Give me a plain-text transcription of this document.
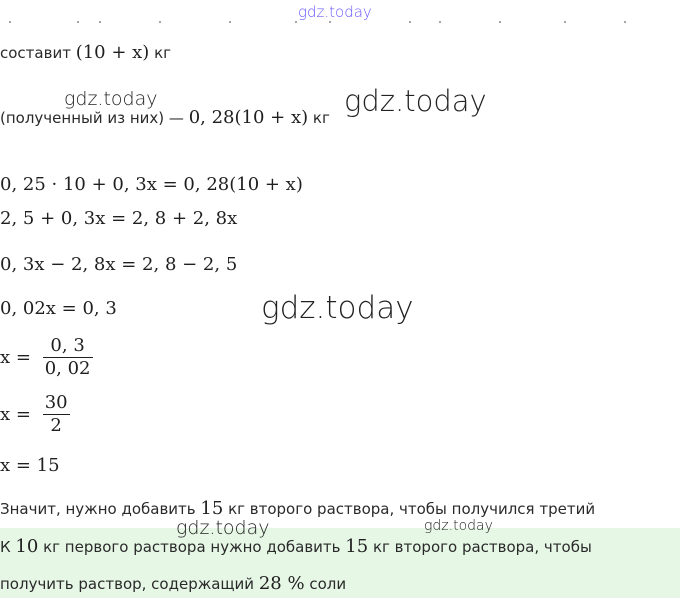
gdz.today
составит (10 + x) кг
gdz.today
(полученный из них) — 0, 28(10 + x) кг gdz.today
0, 25 · 10 + 0, 3x = 0, 28(10 + x)
2, 5 + 0, 3x = 2, 8 + 2, 8x
0, 3x − 2, 8x = 2, 8 − 2, 5
0, 02x = 0, 3	gdz.today
$x = \frac{0, 3}{0, 02}$
$x = \frac{30}{2}$
x = 15
Значит, нужно добавить 15 кг второго раствора, чтобы получился третий
gdz.today	gdz.today
К 10 кг первого раствора нужно добавить 15 кг второго раствора, чтобы
получить раствор, содержащий 28 % соли
